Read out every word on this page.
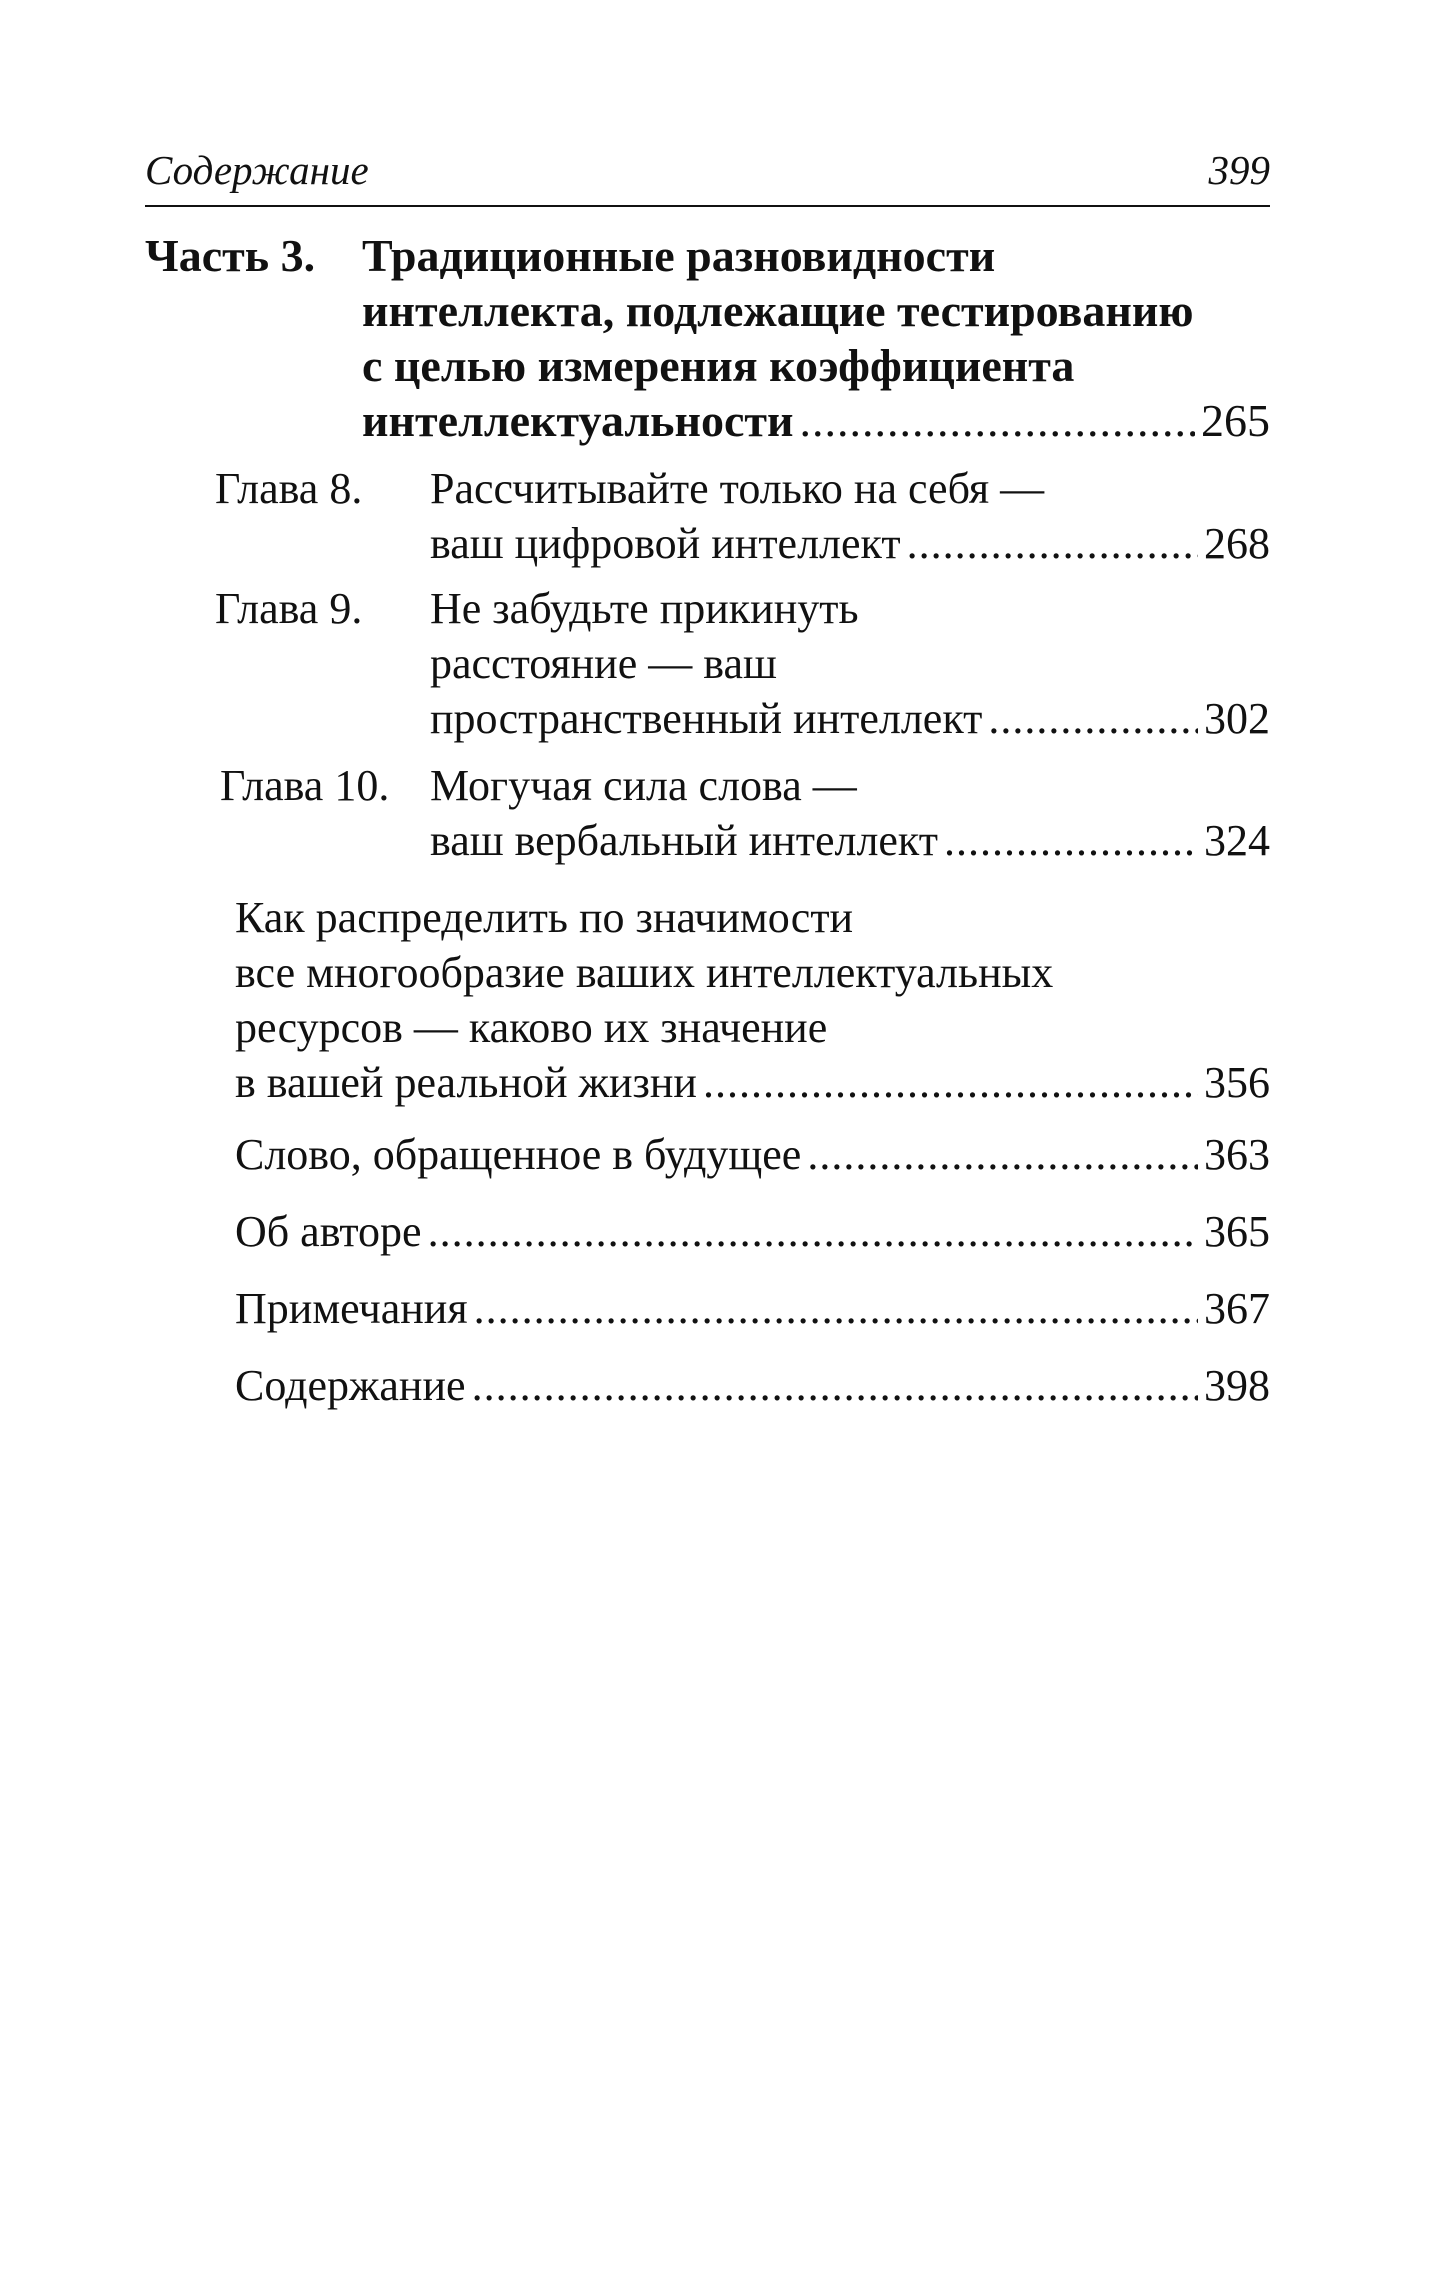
Содержание	399
Часть 3. Традиционные разновидности
интеллекта, подлежащие тестированию
с целью измерения коэффициента
интеллектуальности .....	265
Глава 8. Рассчитывайте только на себя —
ваш цифровой интеллект .....	268
Глава 9. Не забудьте прикинуть
расстояние — ваш
пространственный интеллект .....	302
Глава 10. Могучая сила слова —
ваш вербальный интеллект .....	324
Как распределить по значимости
все многообразие ваших интеллектуальных
ресурсов — каково их значение
в вашей реальной жизни .....	356
Слово, обращенное в будущее .....	363
Об авторе .....	365
Примечания .....	367
Содержание .....	398
